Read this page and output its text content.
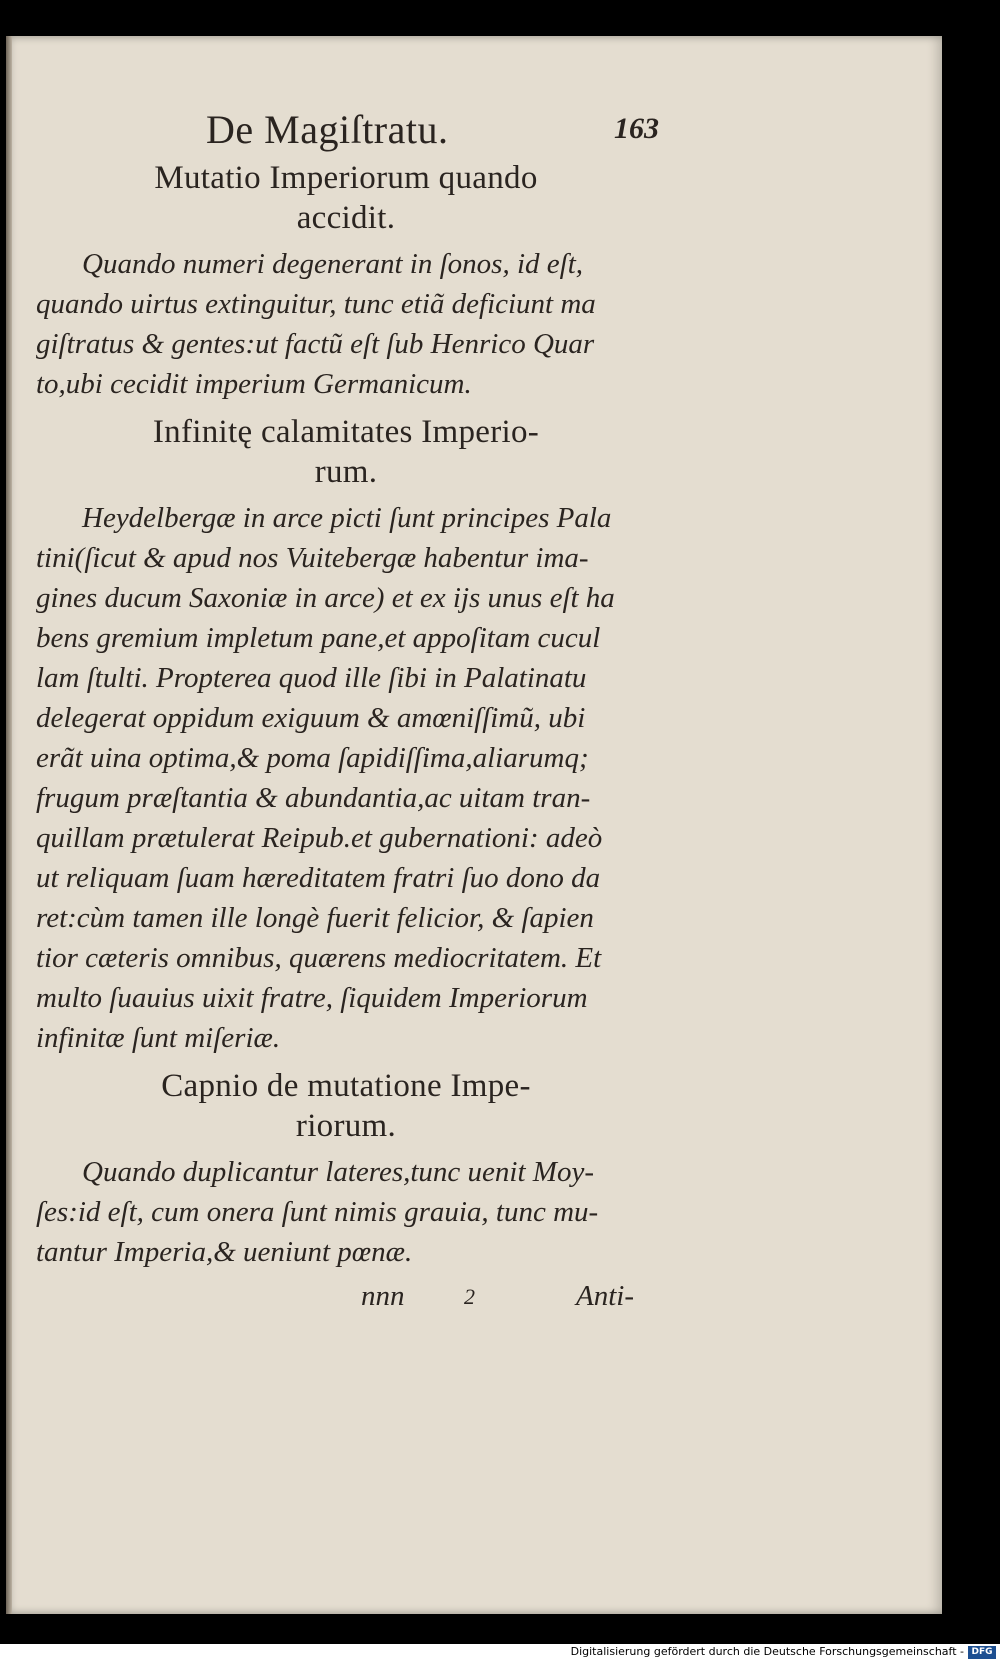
De Magiſtratu.	163
Mutatio Imperiorum quando
accidit.
Quando numeri degenerant in ſonos, id eſt,
quando uirtus extinguitur, tunc etiã deficiunt ma
giſtratus & gentes:ut factũ eſt ſub Henrico Quar
to,ubi cecidit imperium Germanicum.
Infinitę calamitates Imperio-
rum.
Heydelbergæ in arce picti ſunt principes Pala
tini(ſicut & apud nos Vuitebergæ habentur ima-
gines ducum Saxoniæ in arce) et ex ijs unus eſt ha
bens gremium impletum pane,et appoſitam cucul
lam ſtulti. Propterea quod ille ſibi in Palatinatu
delegerat oppidum exiguum & amœniſſimũ, ubi
erãt uina optima,& poma ſapidiſſima,aliarumq;
frugum præſtantia & abundantia,ac uitam tran-
quillam prætulerat Reipub.et gubernationi: adeò
ut reliquam ſuam hæreditatem fratri ſuo dono da
ret:cùm tamen ille longè fuerit felicior, & ſapien
tior cæteris omnibus, quærens mediocritatem. Et
multo ſuauius uixit fratre, ſiquidem Imperiorum
infinitæ ſunt miſeriæ.
Capnio de mutatione Impe-
riorum.
Quando duplicantur lateres,tunc uenit Moy-
ſes:id eſt, cum onera ſunt nimis grauia, tunc mu-
tantur Imperia,& ueniunt pœnæ.
nnn	2	Anti-
Digitalisierung gefördert durch die Deutsche Forschungsgemeinschaft - DFG
